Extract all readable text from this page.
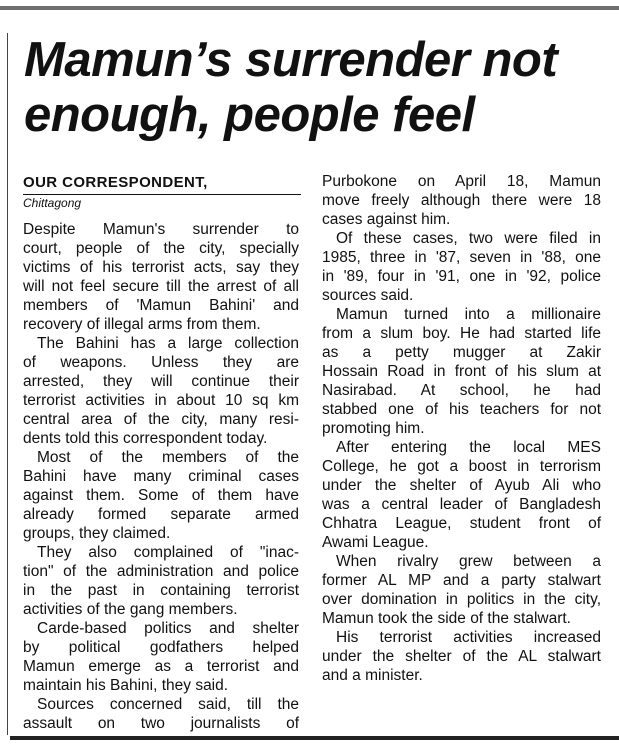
Mamun’s surrender not
enough, people feel
OUR CORRESPONDENT,
Chittagong
Despite Mamun's surrender to
court, people of the city, specially
victims of his terrorist acts, say they
will not feel secure till the arrest of all
members of 'Mamun Bahini' and
recovery of illegal arms from them.
The Bahini has a large collection
of weapons. Unless they are
arrested, they will continue their
terrorist activities in about 10 sq km
central area of the city, many resi-
dents told this correspondent today.
Most of the members of the
Bahini have many criminal cases
against them. Some of them have
already formed separate armed
groups, they claimed.
They also complained of "inac-
tion" of the administration and police
in the past in containing terrorist
activities of the gang members.
Carde-based politics and shelter
by political godfathers helped
Mamun emerge as a terrorist and
maintain his Bahini, they said.
Sources concerned said, till the
assault on two journalists of
Purbokone on April 18, Mamun
move freely although there were 18
cases against him.
Of these cases, two were filed in
1985, three in '87, seven in '88, one
in '89, four in '91, one in '92, police
sources said.
Mamun turned into a millionaire
from a slum boy. He had started life
as a petty mugger at Zakir
Hossain Road in front of his slum at
Nasirabad. At school, he had
stabbed one of his teachers for not
promoting him.
After entering the local MES
College, he got a boost in terrorism
under the shelter of Ayub Ali who
was a central leader of Bangladesh
Chhatra League, student front of
Awami League.
When rivalry grew between a
former AL MP and a party stalwart
over domination in politics in the city,
Mamun took the side of the stalwart.
His terrorist activities increased
under the shelter of the AL stalwart
and a minister.
